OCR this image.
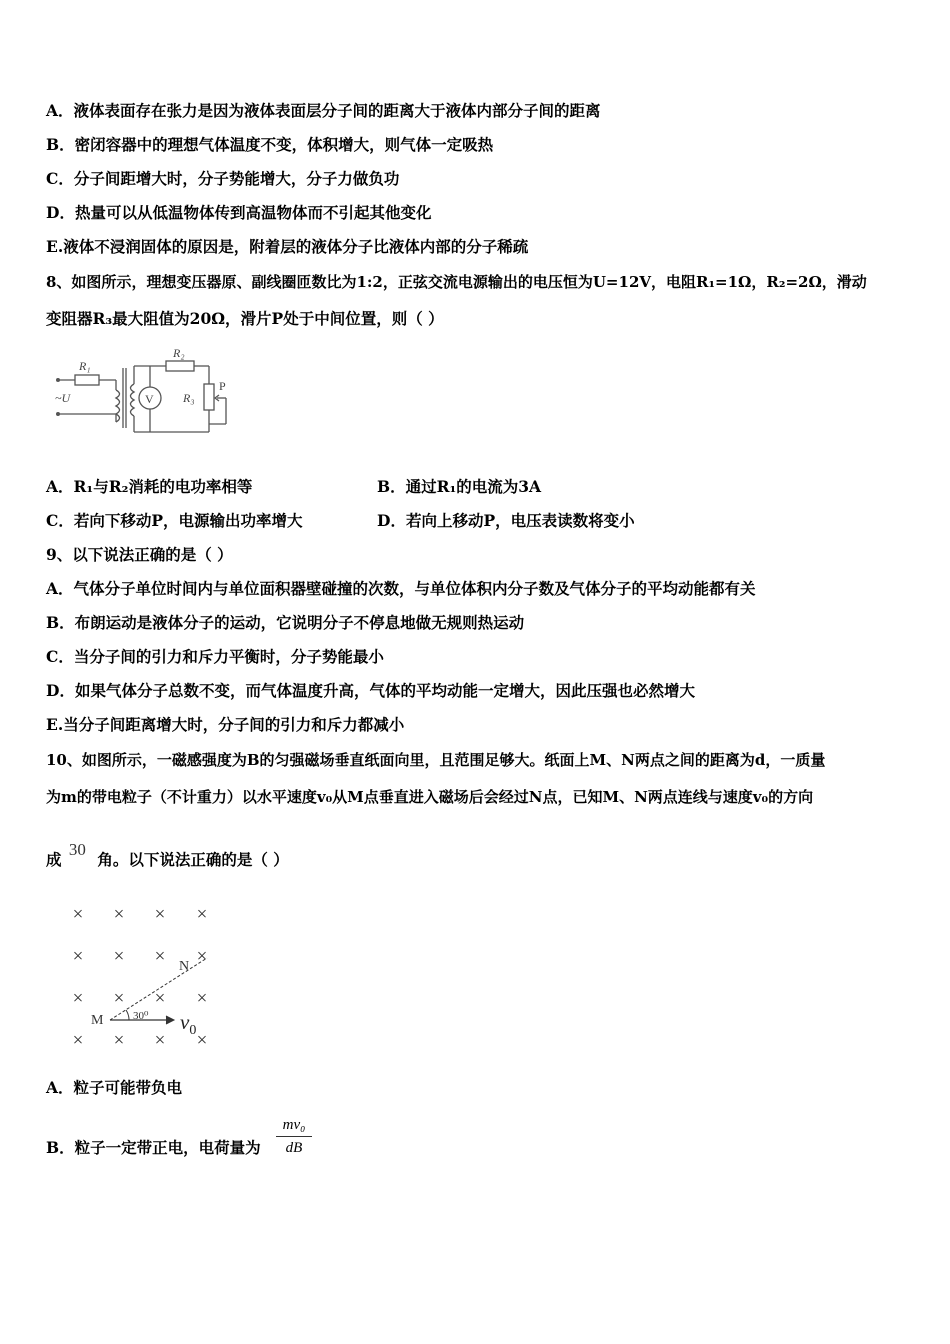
A．液体表面存在张力是因为液体表面层分子间的距离大于液体内部分子间的距离
B．密闭容器中的理想气体温度不变，体积增大，则气体一定吸热
C．分子间距增大时，分子势能增大，分子力做负功
D．热量可以从低温物体传到高温物体而不引起其他变化
E.液体不浸润固体的原因是，附着层的液体分子比液体内部的分子稀疏
8、如图所示，理想变压器原、副线圈匝数比为1:2，正弦交流电源输出的电压恒为U=12V，电阻R₁=1Ω，R₂=2Ω，滑动
变阻器R₃最大阻值为20Ω，滑片P处于中间位置，则（ ）
R₁
R₂
R₃
P
~U	V
A．R₁与R₂消耗的电功率相等	B．通过R₁的电流为3A
C．若向下移动P，电源输出功率增大	D．若向上移动P，电压表读数将变小
9、以下说法正确的是（ ）
A．气体分子单位时间内与单位面积器壁碰撞的次数，与单位体积内分子数及气体分子的平均动能都有关
B．布朗运动是液体分子的运动，它说明分子不停息地做无规则热运动
C．当分子间的引力和斥力平衡时，分子势能最小
D．如果气体分子总数不变，而气体温度升高，气体的平均动能一定增大，因此压强也必然增大
E.当分子间距离增大时，分子间的引力和斥力都减小
10、如图所示，一磁感强度为B的匀强磁场垂直纸面向里，且范围足够大。纸面上M、N两点之间的距离为d，一质量
为m的带电粒子（不计重力）以水平速度v₀从M点垂直进入磁场后会经过N点，已知M、N两点连线与速度v₀的方向
成 30 角。以下说法正确的是（ ）
× × × ×
× × ×
× × × ×
× × × ×
×
M
N
30⁰ $v_0$
A．粒子可能带负电
B．粒子一定带正电，电荷量为
mv₀
dB
